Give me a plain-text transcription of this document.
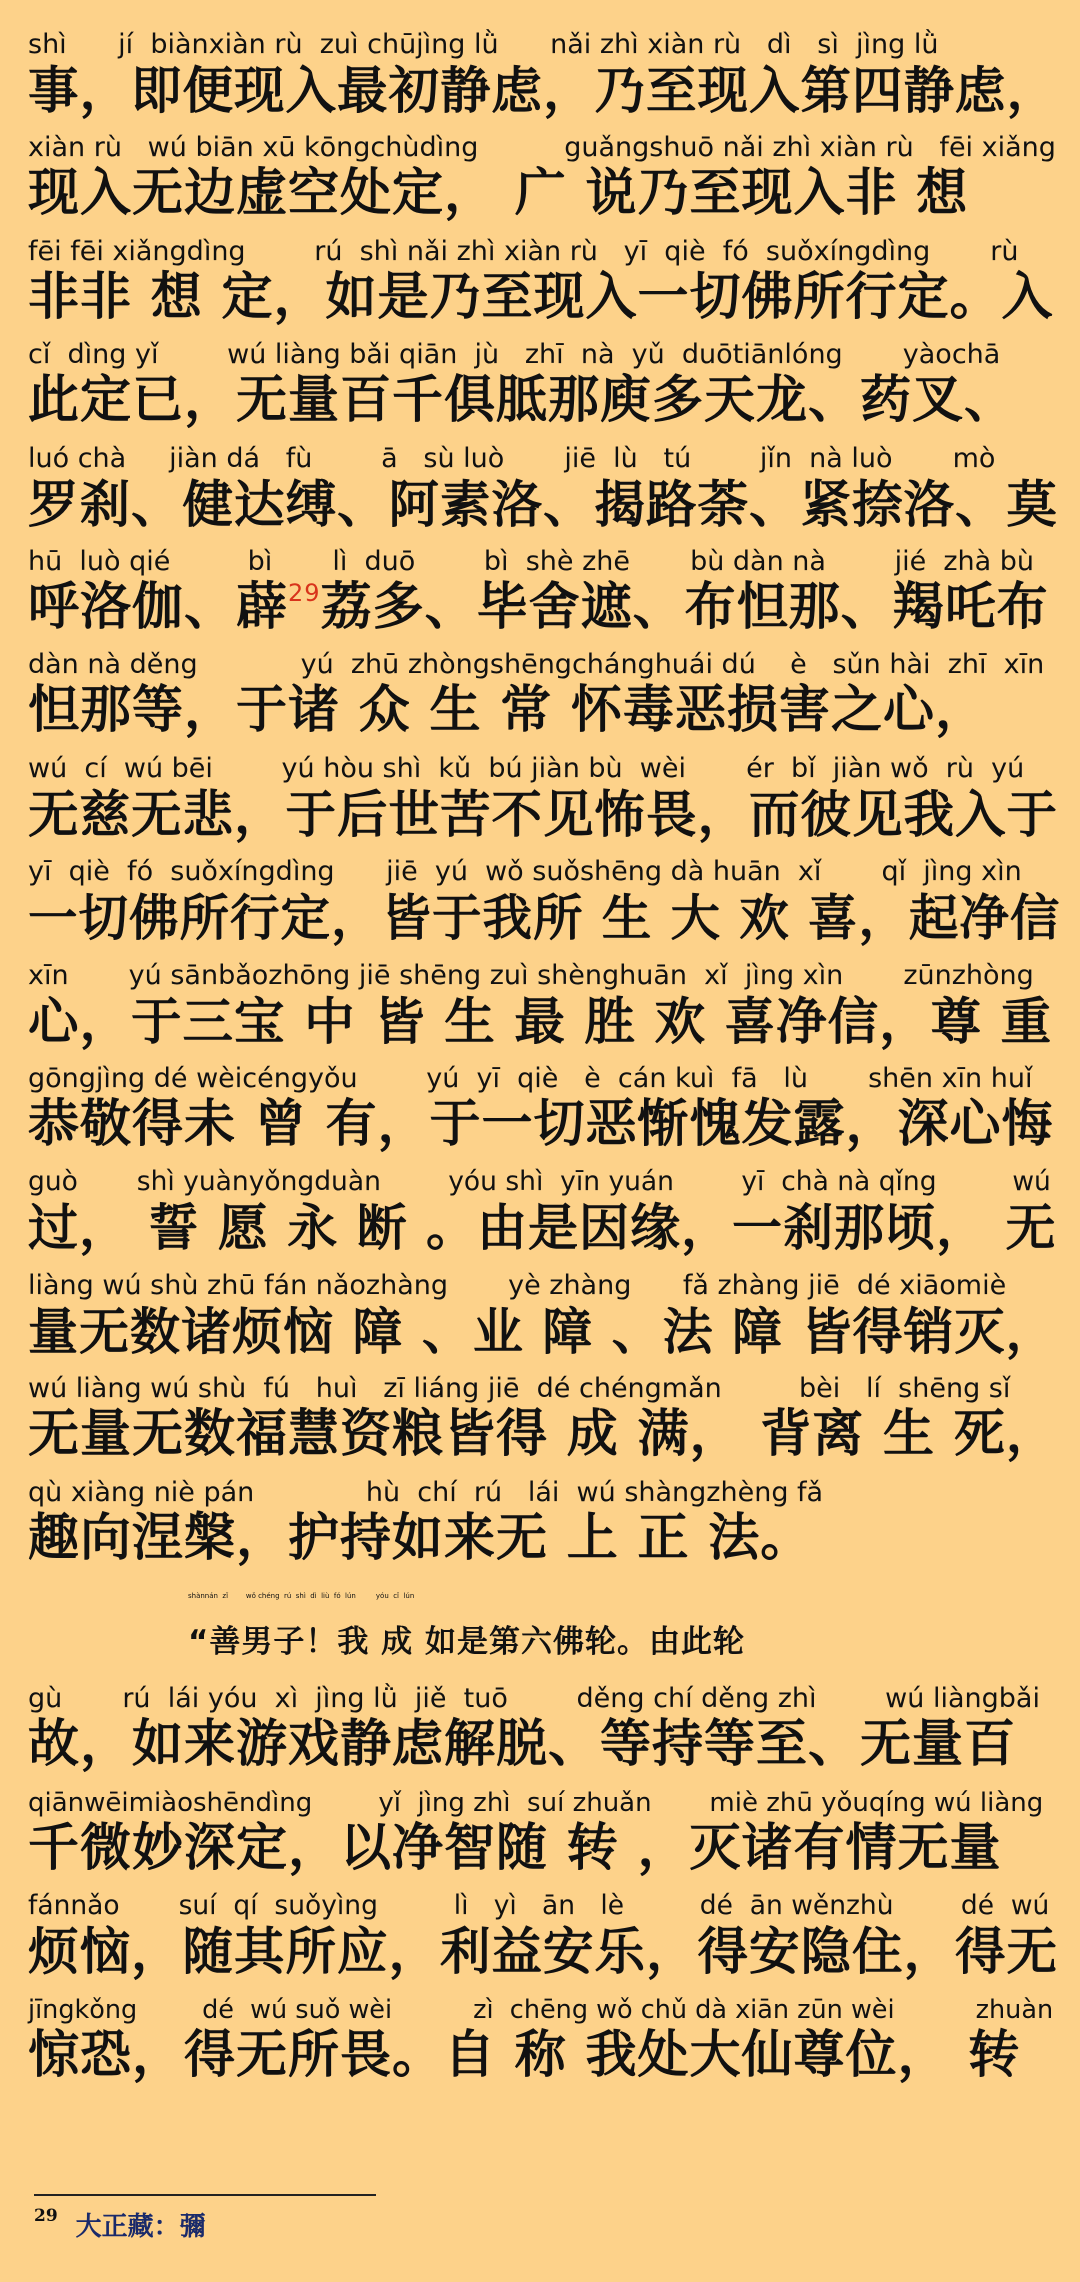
shì      jí  biànxiàn rù  zuì chūjìng lǜ      nǎi zhì xiàn rù   dì   sì  jìng lǜ
事，即便现入最初静虑，乃至现入第四静虑，
xiàn rù   wú biān xū kōngchùdìng          guǎngshuō nǎi zhì xiàn rù   fēi xiǎng
现入无边虚空处定， 广 说乃至现入非 想
fēi fēi xiǎngdìng        rú  shì nǎi zhì xiàn rù   yī  qiè  fó  suǒxíngdìng       rù
非非 想 定，如是乃至现入一切佛所行定。入
cǐ  dìng yǐ        wú liàng bǎi qiān  jù   zhī  nà  yǔ  duōtiānlóng       yàochā
此定已，无量百千俱胝那庾多天龙、药叉、
luó chà     jiàn dá   fù        ā   sù luò       jiē  lù   tú        jǐn  nà luò       mò
罗刹、健达缚、阿素洛、揭路荼、紧捺洛、莫
hū  luò qié         bì       lì  duō        bì  shè zhē       bù dàn nà        jié  zhà bù
呼洛伽、薜$^{29}$荔多、毕舍遮、布怛那、羯吒布
dàn nà děng            yú  zhū zhòngshēngchánghuái dú    è   sǔn hài  zhī  xīn
怛那等，于诸 众 生 常 怀毒恶损害之心，
wú  cí  wú bēi        yú hòu shì  kǔ  bú jiàn bù  wèi       ér  bǐ  jiàn wǒ  rù  yú
无慈无悲，于后世苦不见怖畏，而彼见我入于
yī  qiè  fó  suǒxíngdìng      jiē  yú  wǒ suǒshēng dà huān  xǐ       qǐ  jìng xìn
一切佛所行定，皆于我所 生 大 欢 喜，起净信
xīn       yú sānbǎozhōng jiē shēng zuì shènghuān  xǐ  jìng xìn       zūnzhòng
心，于三宝 中 皆 生 最 胜 欢 喜净信，尊 重
gōngjìng dé wèicéngyǒu        yú  yī  qiè   è  cán kuì  fā   lù       shēn xīn huǐ
恭敬得未 曾 有，于一切恶惭愧发露，深心悔
guò       shì yuànyǒngduàn        yóu shì  yīn yuán        yī  chà nà qǐng         wú
过， 誓 愿 永 断 。由是因缘，一刹那顷， 无
liàng wú shù zhū fán nǎozhàng       yè zhàng      fǎ zhàng jiē  dé xiāomiè
量无数诸烦恼 障 、业 障 、法 障 皆得销灭，
wú liàng wú shù  fú   huì   zī liáng jiē  dé chéngmǎn         bèi   lí  shēng sǐ
无量无数福慧资粮皆得 成 满， 背离 生 死，
qù xiàng niè pán             hù  chí  rú   lái  wú shàngzhèng fǎ
趣向涅槃，护持如来无 上 正 法。
shànnán  zǐ        wǒ chéng  rú  shì  dì  liù  fó  lún         yóu  cǐ  lún
“善男子！我 成 如是第六佛轮。由此轮
gù       rú  lái yóu  xì  jìng lǜ  jiě  tuō        děng chí děng zhì        wú liàngbǎi
故，如来游戏静虑解脱、等持等至、无量百
qiānwēimiàoshēndìng        yǐ  jìng zhì  suí zhuǎn       miè zhū yǒuqíng wú liàng
千微妙深定，以净智随 转 ，灭诸有情无量
fánnǎo       suí  qí  suǒyìng         lì   yì   ān   lè         dé  ān wěnzhù        dé  wú
烦恼，随其所应，利益安乐，得安隐住，得无
jīngkǒng        dé  wú suǒ wèi          zì  chēng wǒ chǔ dà xiān zūn wèi          zhuàn
惊恐，得无所畏。自 称 我处大仙尊位， 转
$^{29}$ 大正藏：彌
